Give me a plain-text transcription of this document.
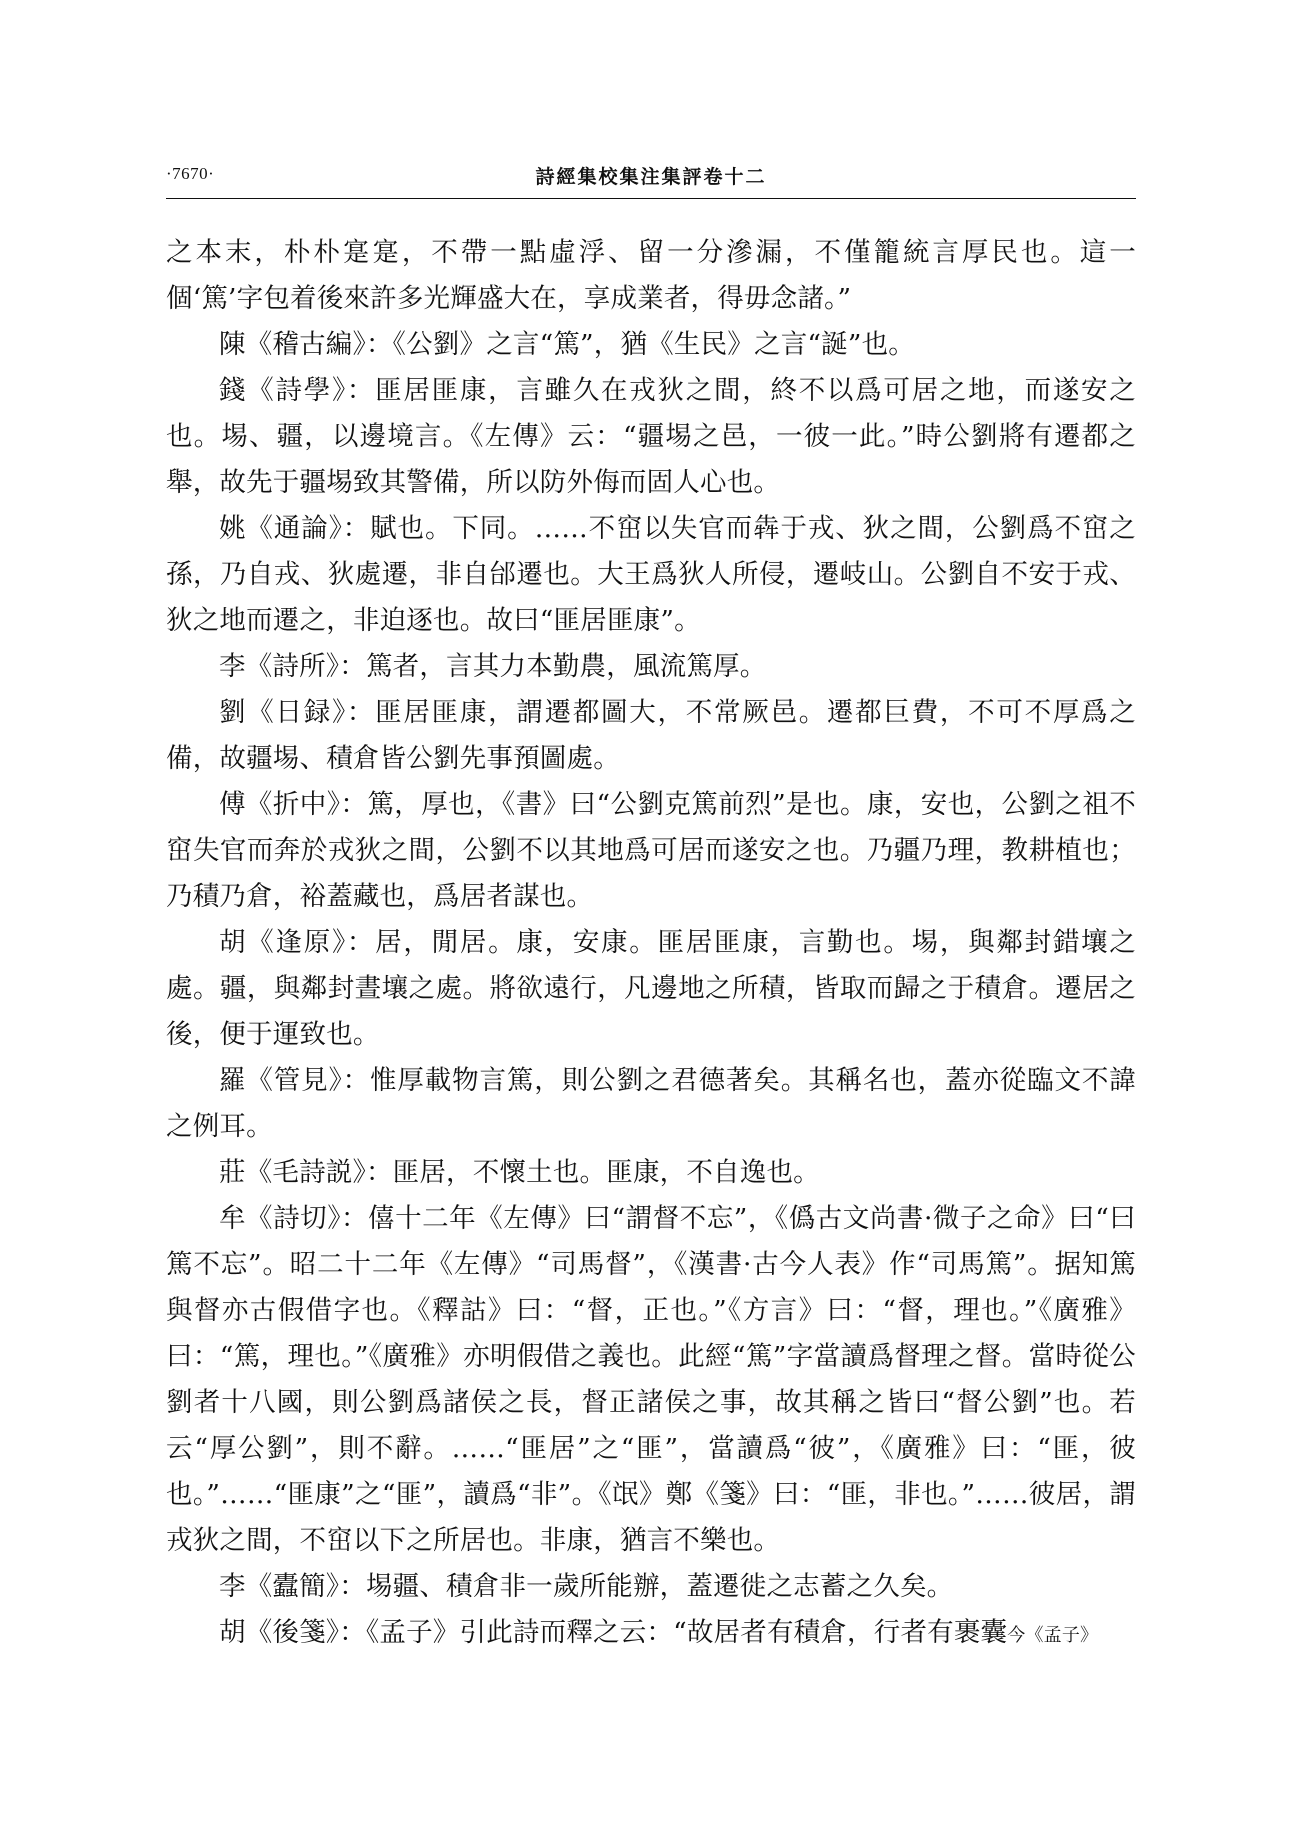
·7670·	詩經集校集注集評卷十二

之本末，朴朴寔寔，不帶一點虛浮、留一分滲漏，不僅籠統言厚民也。這一個‘篤’字包着後來許多光輝盛大在，享成業者，得毋念諸。”

陳《稽古編》：《公劉》之言“篤”，猶《生民》之言“誕”也。

錢《詩學》：匪居匪康，言雖久在戎狄之間，終不以爲可居之地，而遂安之也。埸、疆，以邊境言。《左傳》云：“疆埸之邑，一彼一此。”時公劉將有遷都之舉，故先于疆埸致其警備，所以防外侮而固人心也。

姚《通論》：賦也。下同。……不窋以失官而犇于戎、狄之間，公劉爲不窋之孫，乃自戎、狄處遷，非自邰遷也。大王爲狄人所侵，遷岐山。公劉自不安于戎、狄之地而遷之，非迫逐也。故曰“匪居匪康”。

李《詩所》：篤者，言其力本勤農，風流篤厚。

劉《日録》：匪居匪康，謂遷都圖大，不常厥邑。遷都巨費，不可不厚爲之備，故疆埸、積倉皆公劉先事預圖處。

傅《折中》：篤，厚也，《書》曰“公劉克篤前烈”是也。康，安也，公劉之祖不窋失官而奔於戎狄之間，公劉不以其地爲可居而遂安之也。乃疆乃理，教耕植也；乃積乃倉，裕蓋藏也，爲居者謀也。

胡《逢原》：居，閒居。康，安康。匪居匪康，言勤也。埸，與鄰封錯壤之處。疆，與鄰封晝壤之處。將欲遠行，凡邊地之所積，皆取而歸之于積倉。遷居之後，便于運致也。

羅《管見》：惟厚載物言篤，則公劉之君德著矣。其稱名也，蓋亦從臨文不諱之例耳。

莊《毛詩説》：匪居，不懷土也。匪康，不自逸也。

牟《詩切》：僖十二年《左傳》曰“謂督不忘”，《僞古文尚書·微子之命》曰“曰篤不忘”。昭二十二年《左傳》“司馬督”，《漢書·古今人表》作“司馬篤”。据知篤與督亦古假借字也。《釋詁》曰：“督，正也。”《方言》曰：“督，理也。”《廣雅》曰：“篤，理也。”《廣雅》亦明假借之義也。此經“篤”字當讀爲督理之督。當時從公劉者十八國，則公劉爲諸侯之長，督正諸侯之事，故其稱之皆曰“督公劉”也。若云“厚公劉”，則不辭。……“匪居”之“匪”，當讀爲“彼”，《廣雅》曰：“匪，彼也。”……“匪康”之“匪”，讀爲“非”。《氓》鄭《箋》曰：“匪，非也。”……彼居，謂戎狄之間，不窋以下之所居也。非康，猶言不樂也。

李《蠹簡》：埸疆、積倉非一歲所能辦，蓋遷徙之志蓄之久矣。

胡《後箋》：《孟子》引此詩而釋之云：“故居者有積倉，行者有裹囊今《孟子》
